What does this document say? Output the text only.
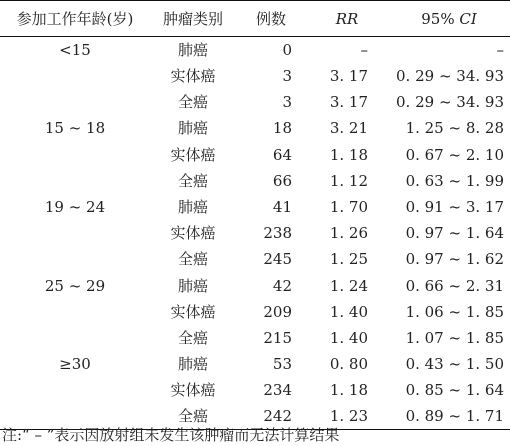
参加工作年龄(岁)	肿瘤类别	例数	RR	95% CI
<15	肺癌	0	–	–
	实体癌	3	3. 17	0. 29 ~ 34. 93
	全癌	3	3. 17	0. 29 ~ 34. 93
15 ~ 18	肺癌	18	3. 21	1. 25 ~ 8. 28
	实体癌	64	1. 18	0. 67 ~ 2. 10
	全癌	66	1. 12	0. 63 ~ 1. 99
19 ~ 24	肺癌	41	1. 70	0. 91 ~ 3. 17
	实体癌	238	1. 26	0. 97 ~ 1. 64
	全癌	245	1. 25	0. 97 ~ 1. 62
25 ~ 29	肺癌	42	1. 24	0. 66 ~ 2. 31
	实体癌	209	1. 40	1. 06 ~ 1. 85
	全癌	215	1. 40	1. 07 ~ 1. 85
≥30	肺癌	53	0. 80	0. 43 ~ 1. 50
	实体癌	234	1. 18	0. 85 ~ 1. 64
	全癌	242	1. 23	0. 89 ~ 1. 71
注:“ – ”表示因放射组未发生该肿瘤而无法计算结果
